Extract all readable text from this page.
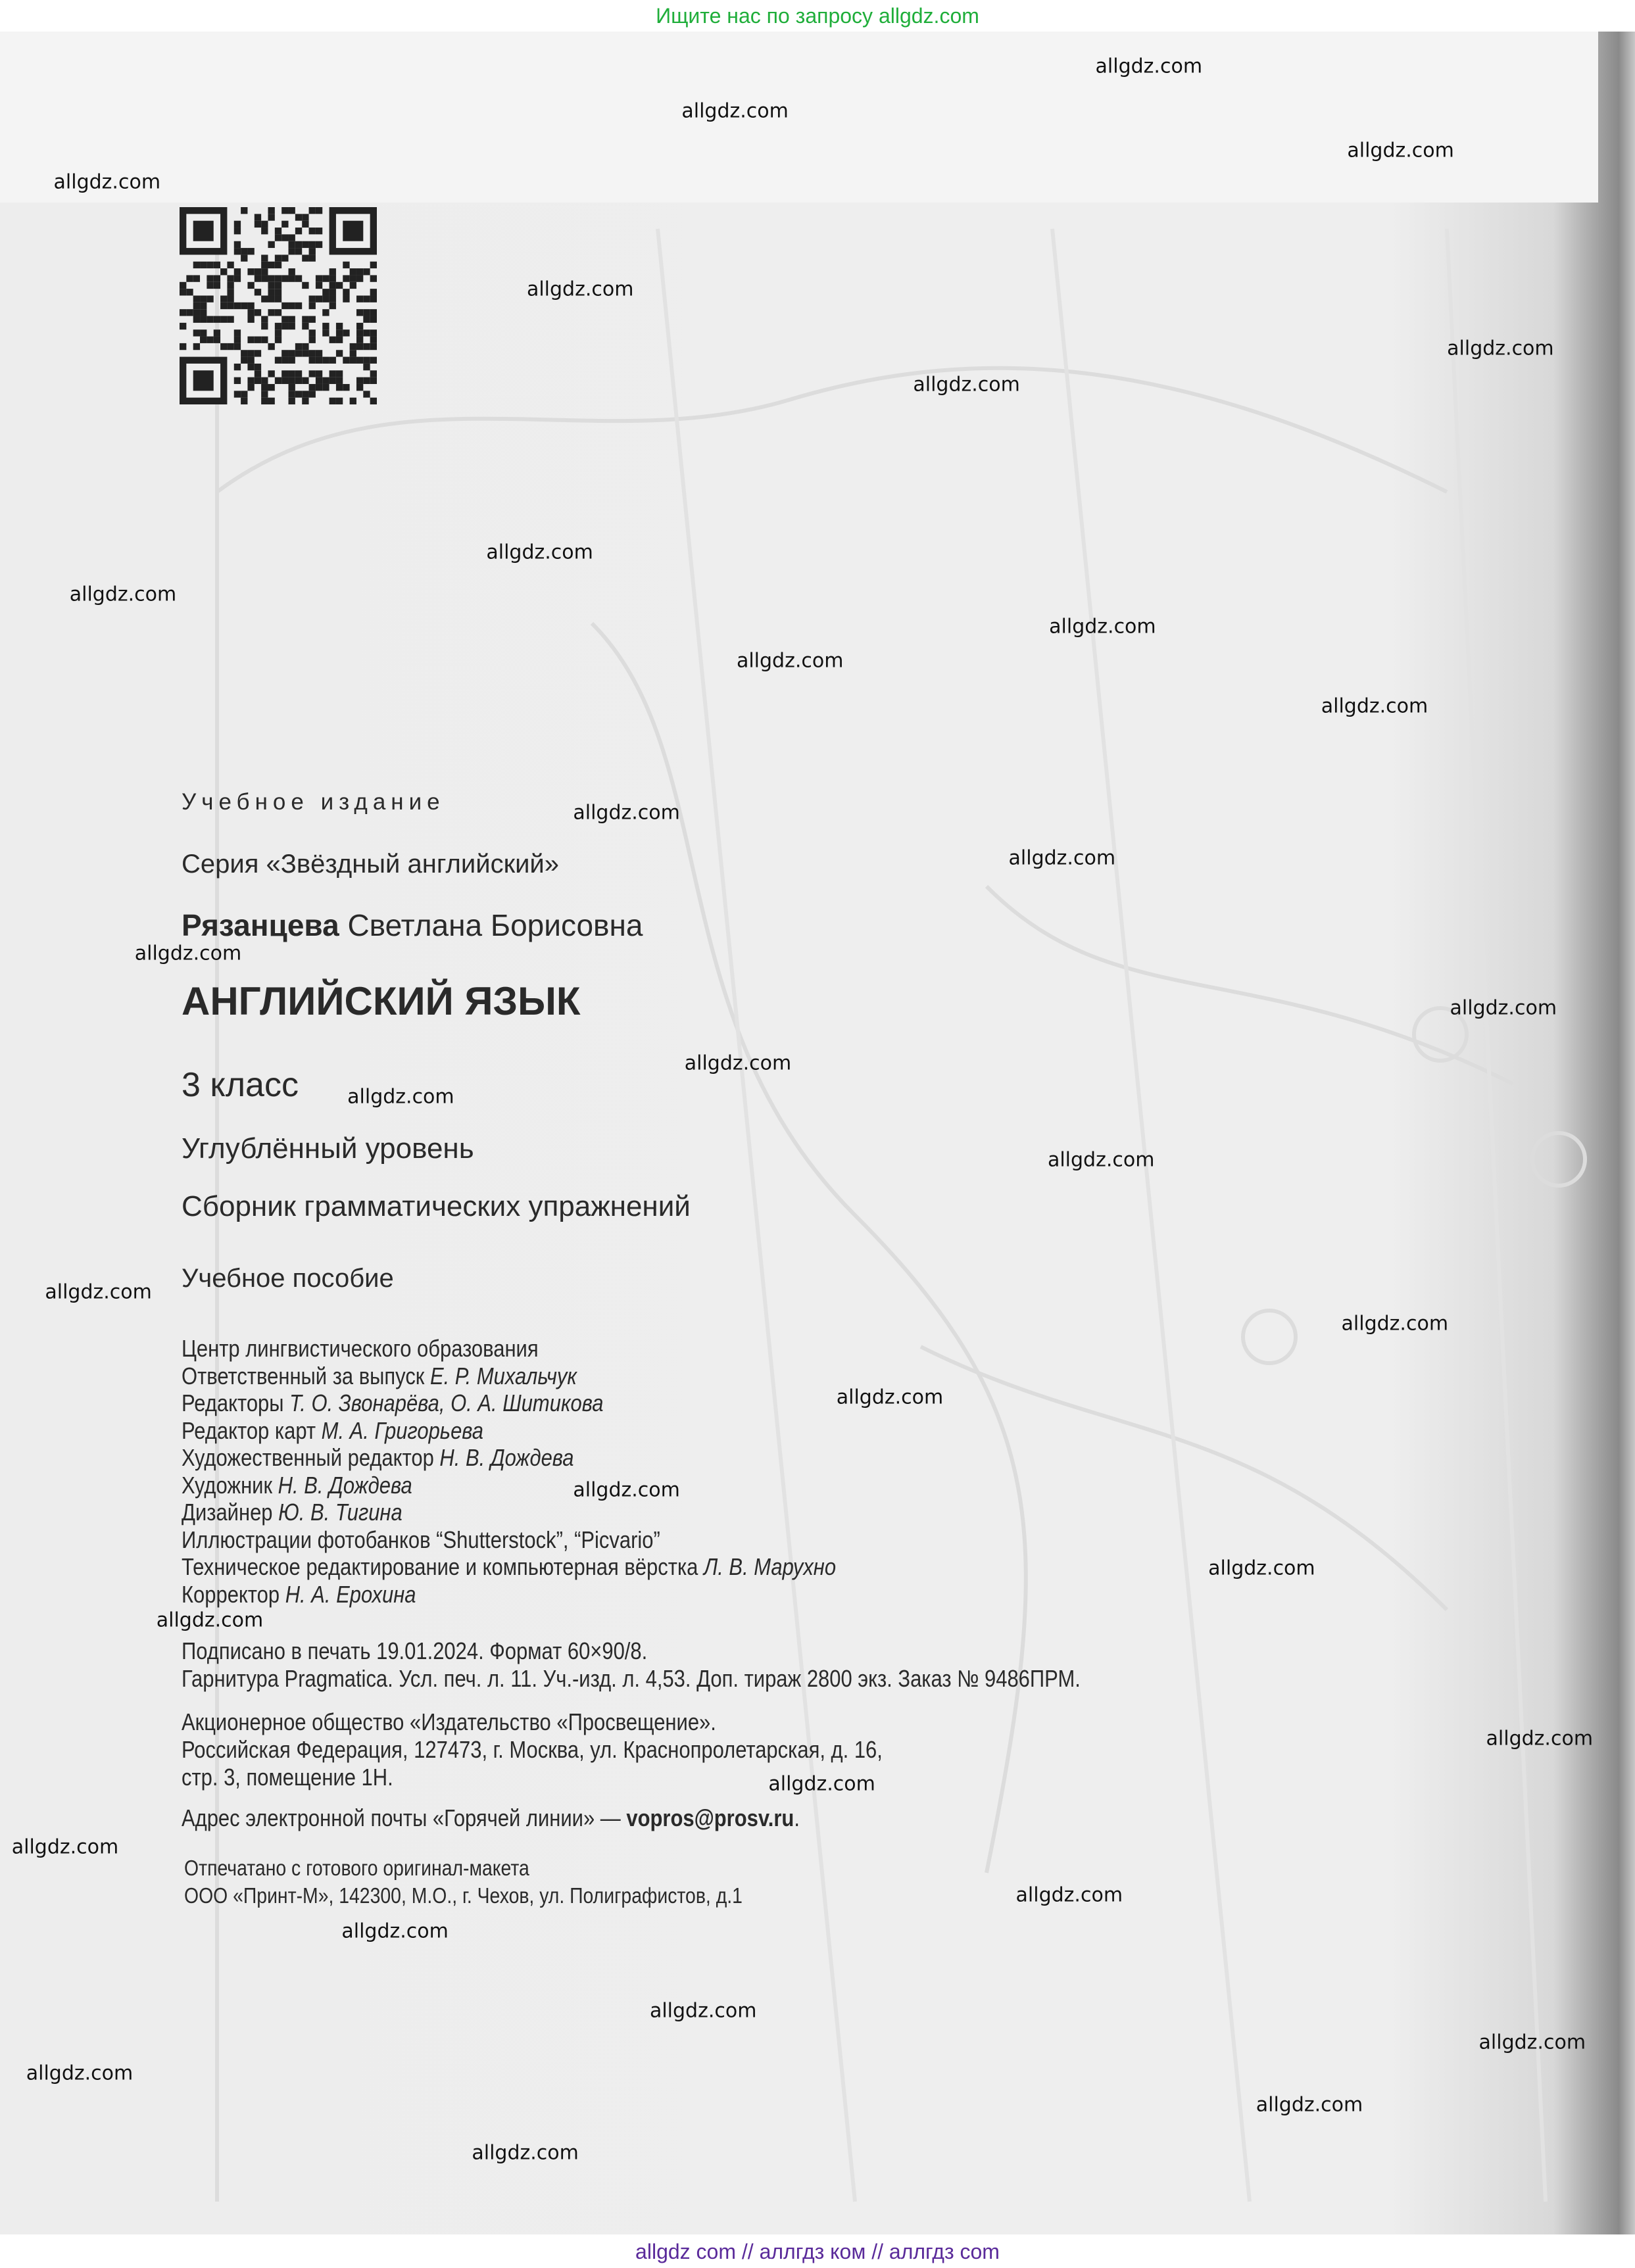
Ищите нас по запросу allgdz.com
Учебное издание
Серия «Звёздный английский»
Рязанцева Светлана Борисовна
АНГЛИЙСКИЙ ЯЗЫК
3 класс
Углублённый уровень
Сборник грамматических упражнений
Учебное пособие
Центр лингвистического образования
Ответственный за выпуск Е. Р. Михальчук
Редакторы Т. О. Звонарёва, О. А. Шитикова
Редактор карт М. А. Григорьева
Художественный редактор Н. В. Дождева
Художник Н. В. Дождева
Дизайнер Ю. В. Тигина
Иллюстрации фотобанков “Shutterstock”, “Picvario”
Техническое редактирование и компьютерная вёрстка Л. В. Марухно
Корректор Н. А. Ерохина
Подписано в печать 19.01.2024. Формат 60×90/8.
Гарнитура Pragmatica. Усл. печ. л. 11. Уч.-изд. л. 4,53. Доп. тираж 2800 экз. Заказ № 9486ПРМ.
Акционерное общество «Издательство «Просвещение».
Российская Федерация, 127473, г. Москва, ул. Краснопролетарская, д. 16,
стр. 3, помещение 1Н.
Адрес электронной почты «Горячей линии» — vopros@prosv.ru.
Отпечатано с готового оригинал-макета
ООО «Принт-М», 142300, М.О., г. Чехов, ул. Полиграфистов, д.1
allgdz.com
allgdz.com
allgdz.com
allgdz.com
allgdz.com
allgdz.com
allgdz.com
allgdz.com
allgdz.com
allgdz.com
allgdz.com
allgdz.com
allgdz.com
allgdz.com
allgdz.com
allgdz.com
allgdz.com
allgdz.com
allgdz.com
allgdz.com
allgdz.com
allgdz.com
allgdz.com
allgdz.com
allgdz.com
allgdz.com
allgdz.com
allgdz.com
allgdz.com
allgdz.com
allgdz.com
allgdz.com
allgdz.com
allgdz.com
allgdz.com
allgdz com // аллгдз ком // аллгдз com
